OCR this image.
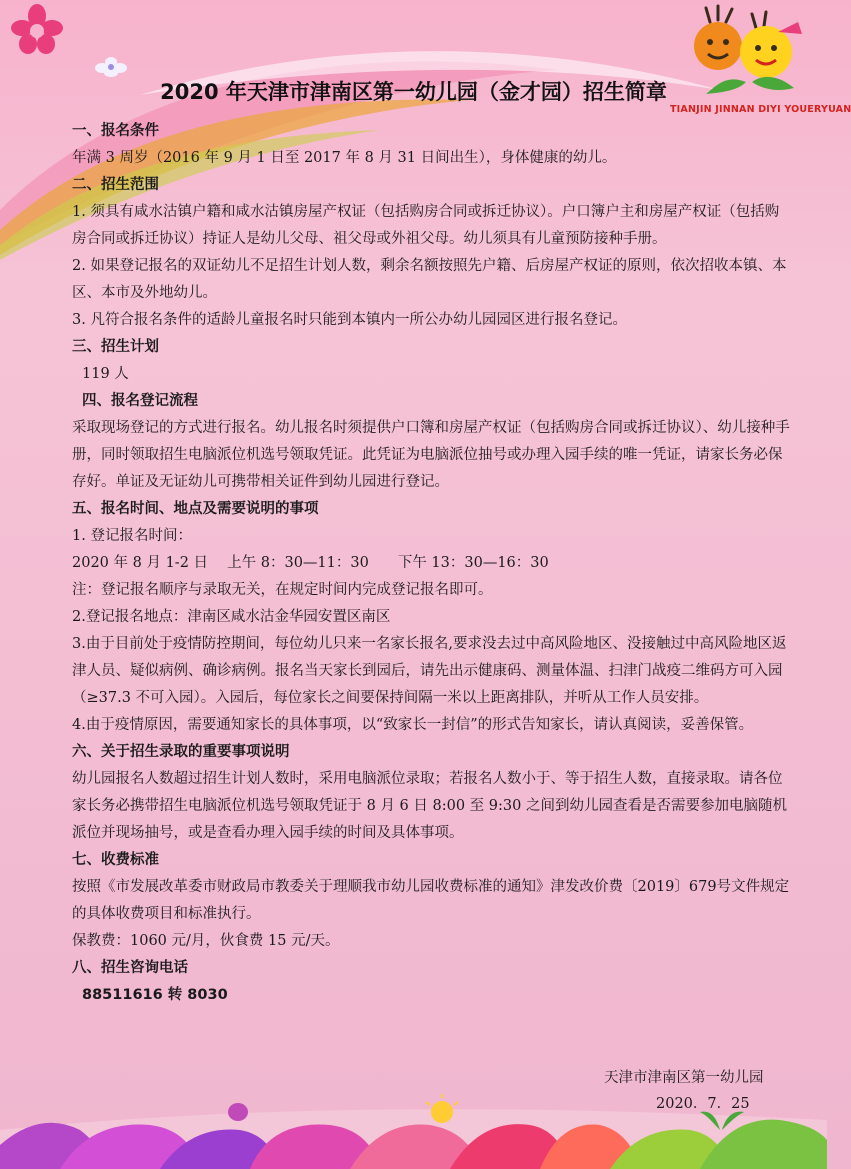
TIANJIN JINNAN DIYI YOUERYUAN
2020 年天津市津南区第一幼儿园（金才园）招生简章
一、报名条件
年满 3 周岁（2016 年 9 月 1 日至 2017 年 8 月 31 日间出生），身体健康的幼儿。
二、招生范围
1. 须具有咸水沽镇户籍和咸水沽镇房屋产权证（包括购房合同或拆迁协议）。户口簿户主和房屋产权证（包括购房合同或拆迁协议）持证人是幼儿父母、祖父母或外祖父母。幼儿须具有儿童预防接种手册。
2. 如果登记报名的双证幼儿不足招生计划人数，剩余名额按照先户籍、后房屋产权证的原则，依次招收本镇、本区、本市及外地幼儿。
3. 凡符合报名条件的适龄儿童报名时只能到本镇内一所公办幼儿园园区进行报名登记。
三、招生计划
119 人
四、报名登记流程
采取现场登记的方式进行报名。幼儿报名时须提供户口簿和房屋产权证（包括购房合同或拆迁协议）、幼儿接种手册，同时领取招生电脑派位机选号领取凭证。此凭证为电脑派位抽号或办理入园手续的唯一凭证，请家长务必保存好。单证及无证幼儿可携带相关证件到幼儿园进行登记。
五、报名时间、地点及需要说明的事项
1. 登记报名时间：
2020 年 8 月 1-2 日　 上午 8：30—11：30　　下午 13：30—16：30
注：登记报名顺序与录取无关，在规定时间内完成登记报名即可。
2.登记报名地点：津南区咸水沽金华园安置区南区
3.由于目前处于疫情防控期间，每位幼儿只来一名家长报名,要求没去过中高风险地区、没接触过中高风险地区返津人员、疑似病例、确诊病例。报名当天家长到园后，请先出示健康码、测量体温、扫津门战疫二维码方可入园（≥37.3 不可入园）。入园后，每位家长之间要保持间隔一米以上距离排队，并听从工作人员安排。
4.由于疫情原因，需要通知家长的具体事项，以“致家长一封信”的形式告知家长，请认真阅读，妥善保管。
六、关于招生录取的重要事项说明
幼儿园报名人数超过招生计划人数时，采用电脑派位录取；若报名人数小于、等于招生人数，直接录取。请各位家长务必携带招生电脑派位机选号领取凭证于 8 月 6 日 8:00 至 9:30 之间到幼儿园查看是否需要参加电脑随机派位并现场抽号，或是查看办理入园手续的时间及具体事项。
七、收费标准
按照《市发展改革委市财政局市教委关于理顺我市幼儿园收费标准的通知》津发改价费〔2019〕679号文件规定的具体收费项目和标准执行。
保教费：1060 元/月，伙食费 15 元/天。
八、招生咨询电话
88511616 转 8030
天津市津南区第一幼儿园
2020．7．25
